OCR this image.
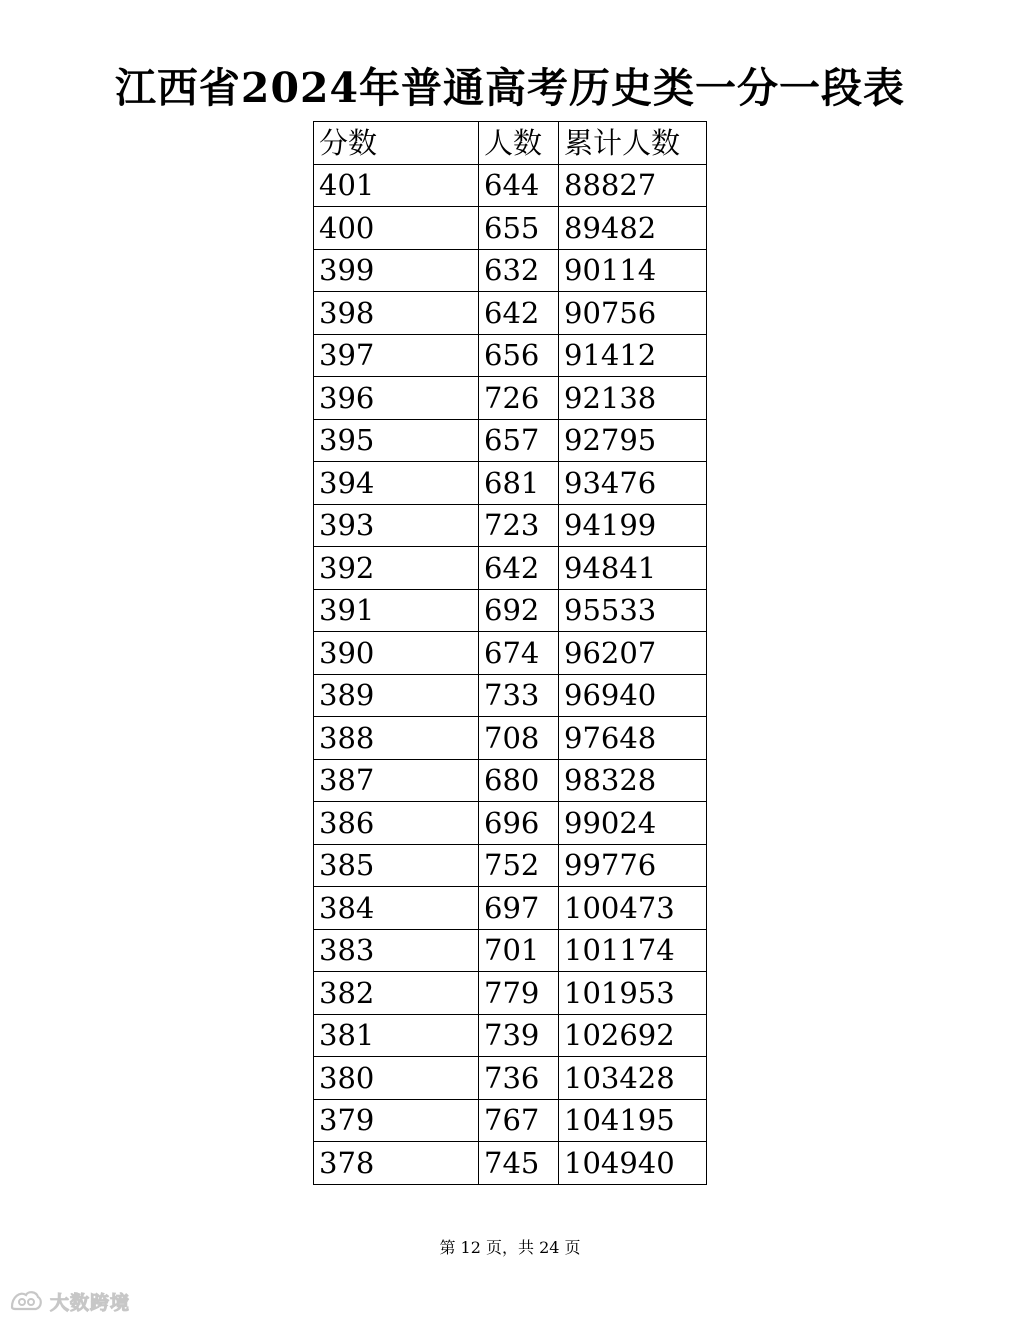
江西省2024年普通高考历史类一分一段表
分数	人数	累计人数
401	644	88827
400	655	89482
399	632	90114
398	642	90756
397	656	91412
396	726	92138
395	657	92795
394	681	93476
393	723	94199
392	642	94841
391	692	95533
390	674	96207
389	733	96940
388	708	97648
387	680	98328
386	696	99024
385	752	99776
384	697	100473
383	701	101174
382	779	101953
381	739	102692
380	736	103428
379	767	104195
378	745	104940
第 12 页，共 24 页
大数跨境
